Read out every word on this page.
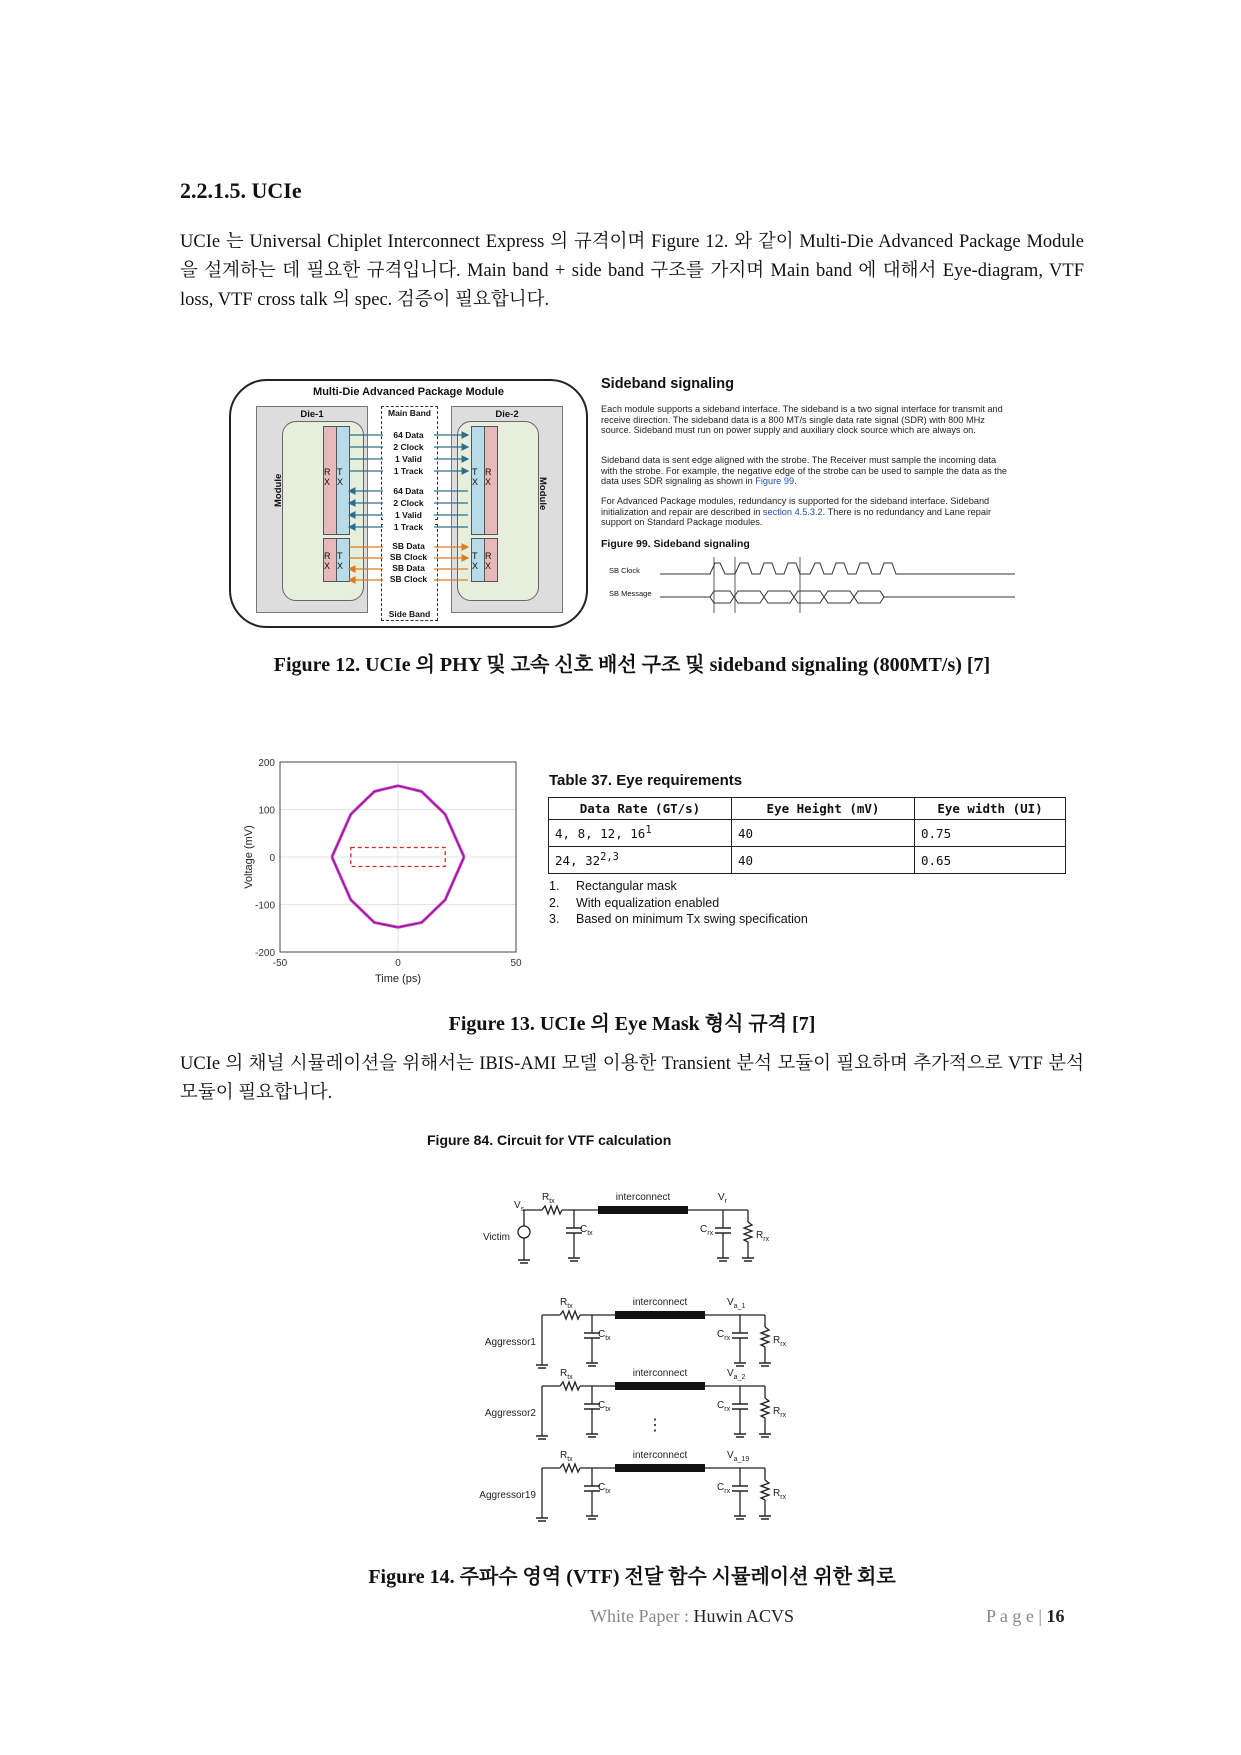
2.2.1.5. UCIe
UCIe 는 Universal Chiplet Interconnect Express 의 규격이며 Figure 12. 와 같이 Multi-Die Advanced Package Module 을 설계하는 데 필요한 규격입니다. Main band + side band 구조를 가지며 Main band 에 대해서 Eye-diagram, VTF loss, VTF cross talk 의 spec. 검증이 필요합니다.
Multi-Die Advanced Package Module
Die-1
Module
R X
T X
R X
T X
Die-2
Module
T X
R X
T X
R X
Main Band
Side Band
64 Data
2 Clock
1 Valid
1 Track
64 Data
2 Clock
1 Valid
1 Track
SB Data
SB Clock
SB Data
SB Clock
Sideband signaling
Each module supports a sideband interface. The sideband is a two signal interface for transmit and receive direction. The sideband data is a 800 MT/s single data rate signal (SDR) with 800 MHz source. Sideband must run on power supply and auxiliary clock source which are always on.
Sideband data is sent edge aligned with the strobe. The Receiver must sample the incoming data with the strobe. For example, the negative edge of the strobe can be used to sample the data as the data uses SDR signaling as shown in Figure 99.
For Advanced Package modules, redundancy is supported for the sideband interface. Sideband initialization and repair are described in section 4.5.3.2. There is no redundancy and Lane repair support on Standard Package modules.
Figure 99. Sideband signaling
SB Clock
SB Message
Figure 12. UCIe 의 PHY 및 고속 신호 배선 구조 및 sideband signaling (800MT/s) [7]
200
100
0
-100
-200
-50	0	50
Time (ps)
Voltage (mV)
Table 37. Eye requirements
Data Rate (GT/s)	Eye Height (mV)	Eye width (UI)
4, 8, 12, $16^1$	40	0.75
24, 32$^{2,3}$	40	0.65
1. Rectangular mask
2. With equalization enabled
3. Based on minimum Tx swing specification
Figure 13. UCIe 의 Eye Mask 형식 규격 [7]
UCIe 의 채널 시뮬레이션을 위해서는 IBIS-AMI 모델 이용한 Transient 분석 모듈이 필요하며 추가적으로 VTF 분석 모듈이 필요합니다.
Figure 84. Circuit for VTF calculation
interconnect
$R_{tx}$
$C_{tx}$	$C_{rx}$	$R_{rx}$
Victim
$V_s$
$V_r$
interconnect
$R_{tx}$
$C_{tx}$	$C_{rx}$	$R_{rx}$
Aggressor1
$V_{a\_1}$
interconnect
$R_{tx}$
$C_{tx}$	$C_{rx}$	$R_{rx}$
Aggressor2
$V_{a\_2}$
⋮
interconnect
$R_{tx}$
$C_{tx}$	$C_{rx}$	$R_{rx}$
Aggressor19
$V_{a\_19}$
Figure 14. 주파수 영역 (VTF) 전달 함수 시뮬레이션 위한 회로
White Paper : Huwin ACVS	P a g e | 16
